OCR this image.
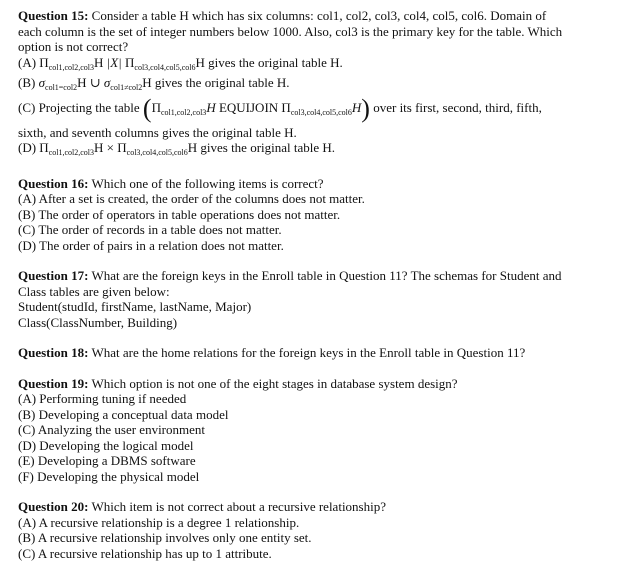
Question 15: Consider a table H which has six columns: col1, col2, col3, col4, col5, col6. Domain of
each column is the set of integer numbers below 1000. Also, col3 is the primary key for the table. Which
option is not correct?
(A) $\Pi_{col1,col2,col3}H$ |X| $\Pi_{col3,col4,col5,col6}H$ gives the original table H.
(B) $\sigma_{col1=col2}H$ ∪ $\sigma_{col1\ne col2}H$ gives the original table H.
(C) Projecting the table ($\Pi_{col1,col2,col3}H$ EQUIJOIN $\Pi_{col3,col4,col5,col6}H$) over its first, second, third, fifth,
sixth, and seventh columns gives the original table H.
(D) $\Pi_{col1,col2,col3}H \times \Pi_{col3,col4,col5,col6}H$ gives the original table H.
Question 16: Which one of the following items is correct?
(A) After a set is created, the order of the columns does not matter.
(B) The order of operators in table operations does not matter.
(C) The order of records in a table does not matter.
(D) The order of pairs in a relation does not matter.
Question 17: What are the foreign keys in the Enroll table in Question 11? The schemas for Student and
Class tables are given below:
Student(studId, firstName, lastName, Major)
Class(ClassNumber, Building)
Question 18: What are the home relations for the foreign keys in the Enroll table in Question 11?
Question 19: Which option is not one of the eight stages in database system design?
(A) Performing tuning if needed
(B) Developing a conceptual data model
(C) Analyzing the user environment
(D) Developing the logical model
(E) Developing a DBMS software
(F) Developing the physical model
Question 20: Which item is not correct about a recursive relationship?
(A) A recursive relationship is a degree 1 relationship.
(B) A recursive relationship involves only one entity set.
(C) A recursive relationship has up to 1 attribute.
